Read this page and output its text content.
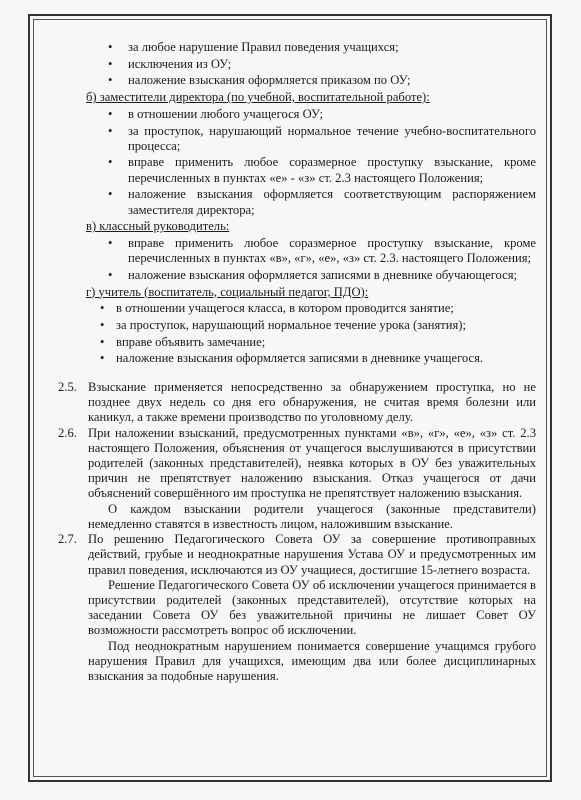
• за любое нарушение Правил поведения учащихся;
• исключения из ОУ;
• наложение взыскания оформляется приказом по ОУ;
б) заместители директора (по учебной, воспитательной работе):
• в отношении любого учащегося ОУ;
• за проступок, нарушающий нормальное течение учебно-воспитательного процесса;
• вправе применить любое соразмерное проступку взыскание, кроме перечисленных в пунктах «е» - «з» ст. 2.3 настоящего Положения;
• наложение взыскания оформляется соответствующим распоряжением заместителя директора;
в) классный руководитель:
• вправе применить любое соразмерное проступку взыскание, кроме перечисленных в пунктах «в», «г», «е», «з» ст. 2.3. настоящего Положения;
• наложение взыскания оформляется записями в дневнике обучающегося;
г) учитель (воспитатель, социальный педагог, ПДО):
• в отношении учащегося класса, в котором проводится занятие;
• за проступок, нарушающий нормальное течение урока (занятия);
• вправе объявить замечание;
• наложение взыскания оформляется записями в дневнике учащегося.
2.5. Взыскание применяется непосредственно за обнаружением проступка, но не позднее двух недель со дня его обнаружения, не считая время болезни или каникул, а также времени производство по уголовному делу.
2.6. При наложении взысканий, предусмотренных пунктами «в», «г», «е», «з» ст. 2.3 настоящего Положения, объяснения от учащегося выслушиваются в присутствии родителей (законных представителей), неявка которых в ОУ без уважительных причин не препятствует наложению взыскания. Отказ учащегося от дачи объяснений совершённого им проступка не препятствует наложению взыскания.
О каждом взыскании родители учащегося (законные представители) немедленно ставятся в известность лицом, наложившим взыскание.
2.7. По решению Педагогического Совета ОУ за совершение противоправных действий, грубые и неоднократные нарушения Устава ОУ и предусмотренных им правил поведения, исключаются из ОУ учащиеся, достигшие 15-летнего возраста.
Решение Педагогического Совета ОУ об исключении учащегося принимается в присутствии родителей (законных представителей), отсутствие которых на заседании Совета ОУ без уважительной причины не лишает Совет ОУ возможности рассмотреть вопрос об исключении.
Под неоднократным нарушением понимается совершение учащимся грубого нарушения Правил для учащихся, имеющим два или более дисциплинарных взыскания за подобные нарушения.
